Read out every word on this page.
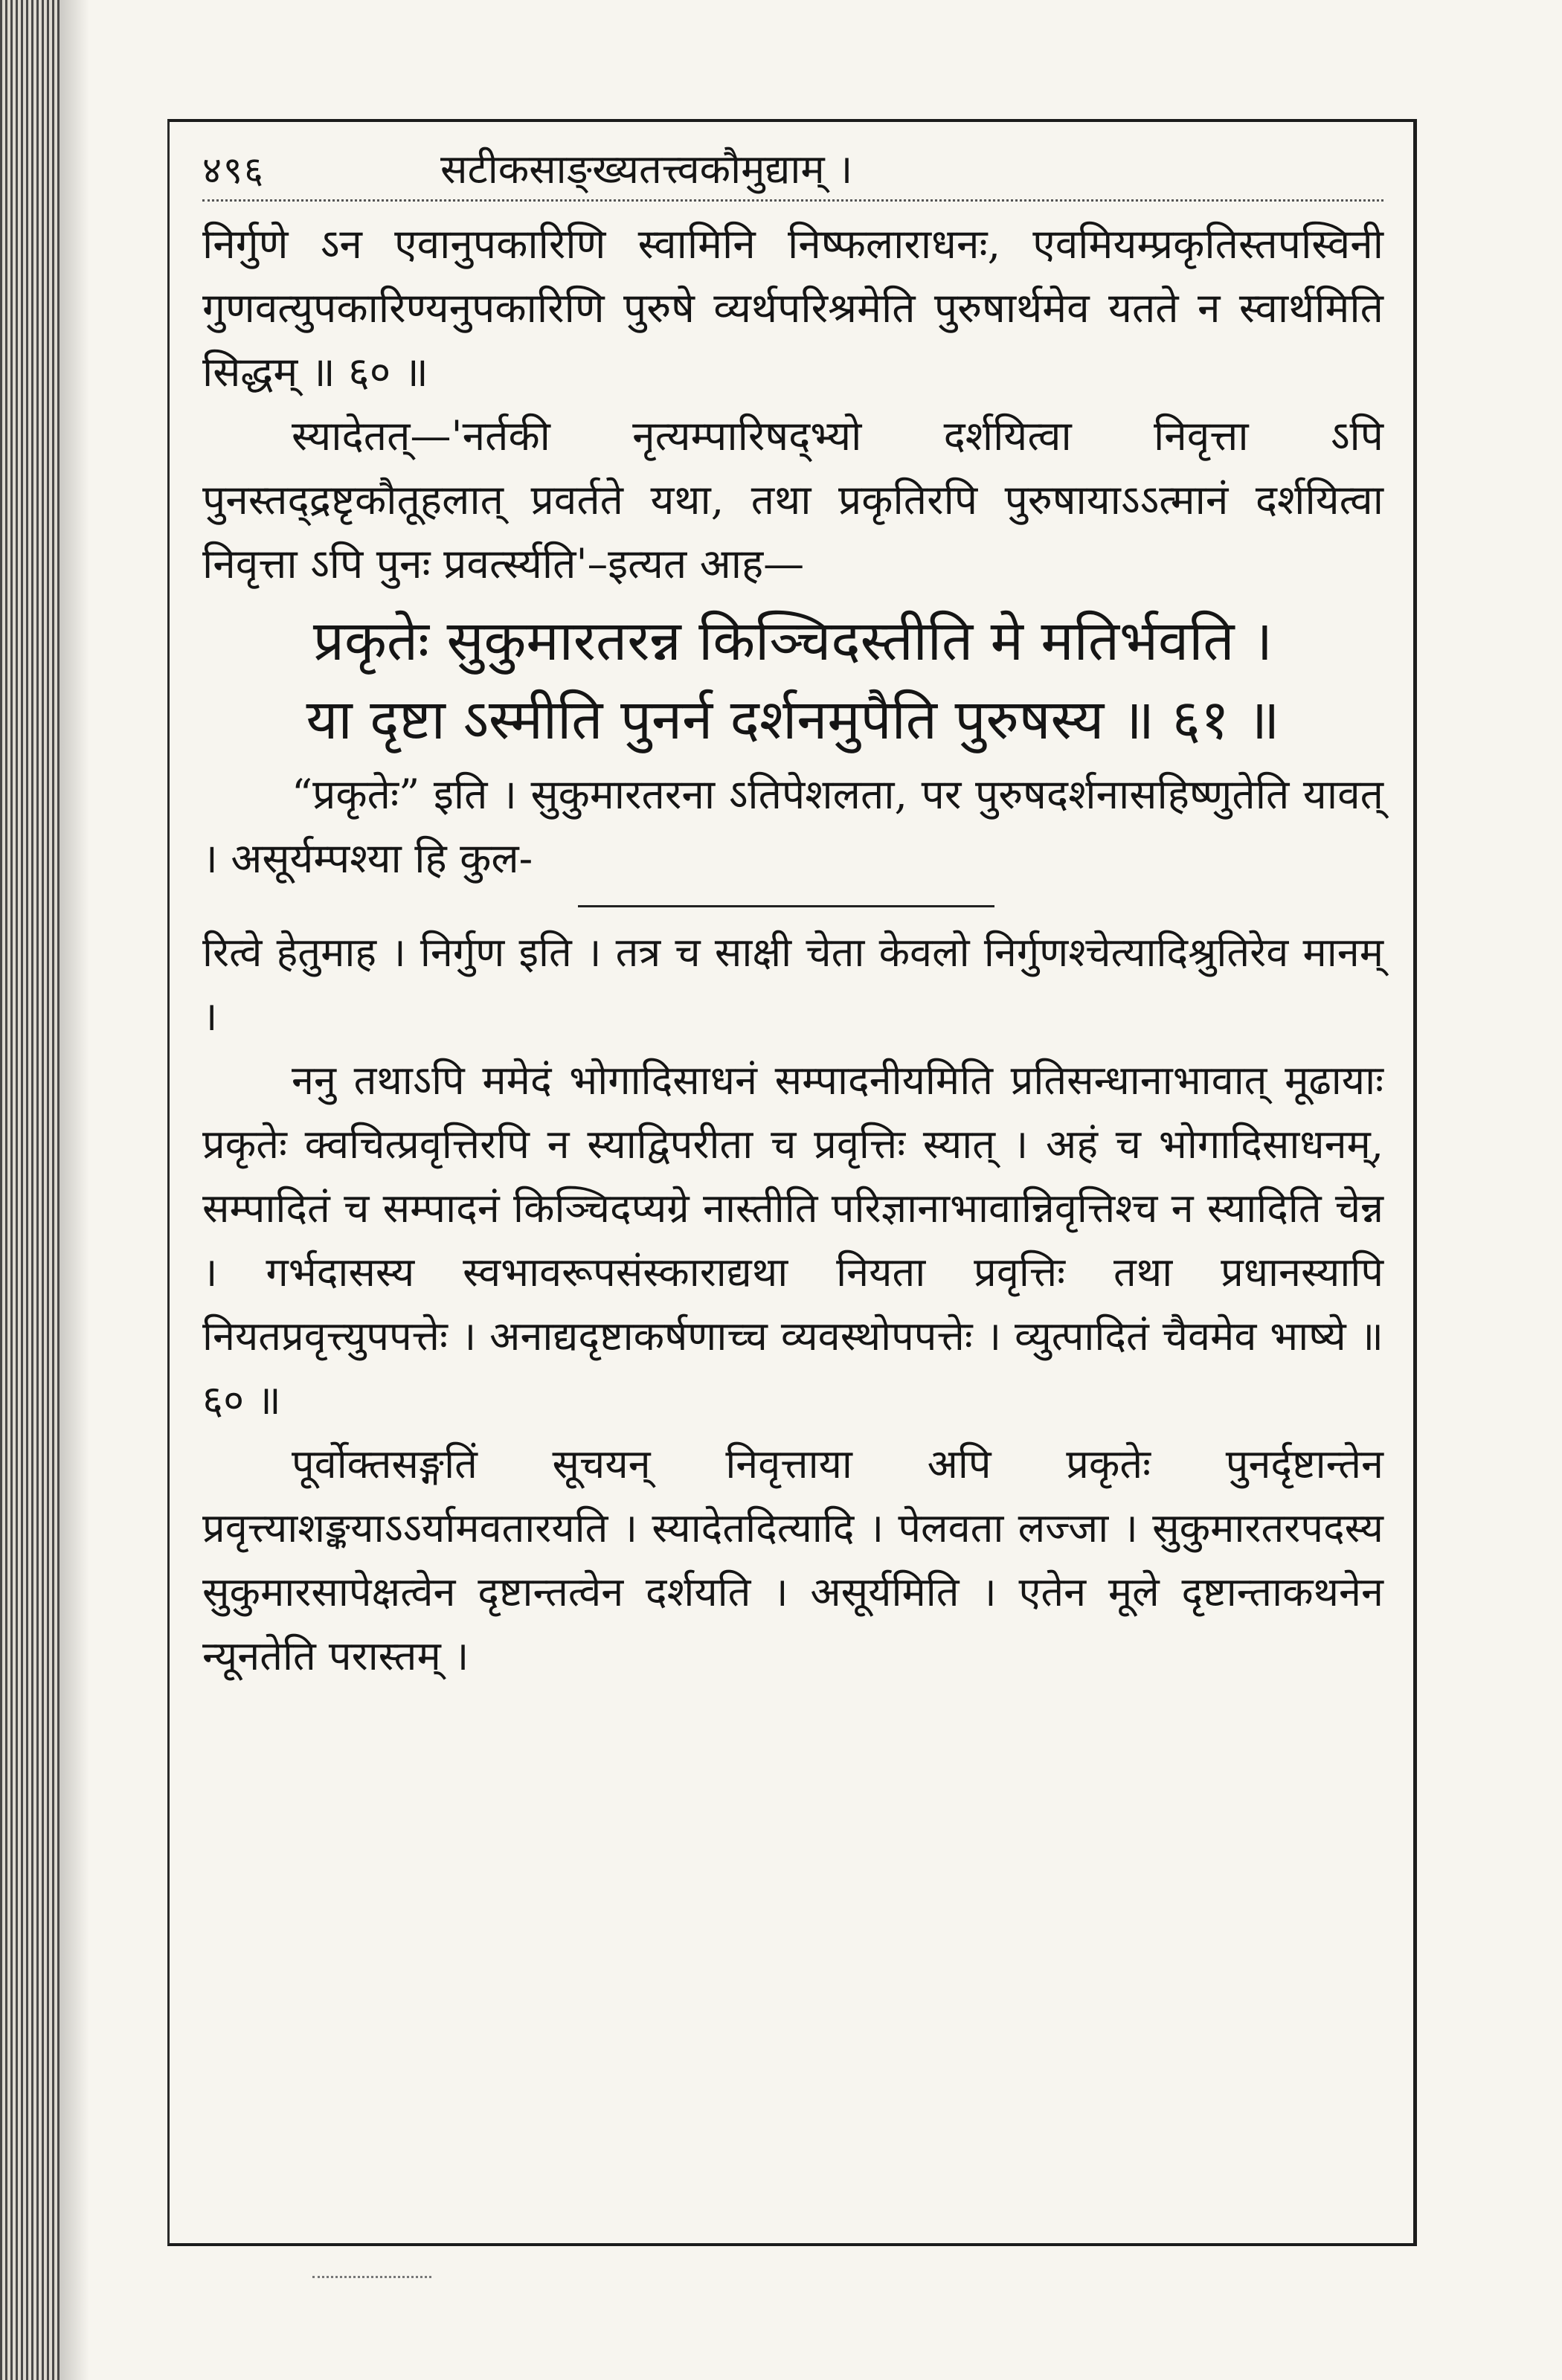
४९६	सटीकसाङ्ख्यतत्त्वकौमुद्याम् ।

निर्गुणे ऽन एवानुपकारिणि स्वामिनि निष्फलाराधनः, एवमियम्प्रकृतिस्तपस्विनी गुणवत्युपकारिण्यनुपकारिणि पुरुषे व्यर्थपरिश्रमेति पुरुषार्थमेव यतते न स्वार्थमिति सिद्धम् ॥ ६० ॥

स्यादेतत्—'नर्तकी नृत्यम्पारिषद्भ्यो दर्शयित्वा निवृत्ता ऽपि पुनस्तद्द्रष्टृकौतूहलात् प्रवर्तते यथा, तथा प्रकृतिरपि पुरुषायाऽऽत्मानं दर्शयित्वा निवृत्ता ऽपि पुनः प्रवर्त्स्यति'–इत्यत आह—

प्रकृतेः सुकुमारतरन्न किञ्चिदस्तीति मे मतिर्भवति ।
या दृष्टा ऽस्मीति पुनर्न दर्शनमुपैति पुरुषस्य ॥ ६१ ॥

“प्रकृतेः” इति । सुकुमारतरना ऽतिपेशलता, पर पुरुषदर्शनासहिष्णुतेति यावत् । असूर्यम्पश्या हि कुल-

रित्वे हेतुमाह । निर्गुण इति । तत्र च साक्षी चेता केवलो निर्गुणश्चेत्यादिश्रुतिरेव मानम् ।

ननु तथाऽपि ममेदं भोगादिसाधनं सम्पादनीयमिति प्रतिसन्धानाभावात् मूढायाः प्रकृतेः क्वचित्प्रवृत्तिरपि न स्याद्विपरीता च प्रवृत्तिः स्यात् । अहं च भोगादिसाधनम्, सम्पादितं च सम्पादनं किञ्चिदप्यग्रे नास्तीति परिज्ञानाभावान्निवृत्तिश्च न स्यादिति चेन्न । गर्भदासस्य स्वभावरूपसंस्काराद्यथा नियता प्रवृत्तिः तथा प्रधानस्यापि नियतप्रवृत्त्युपपत्तेः । अनाद्यदृष्टाकर्षणाच्च व्यवस्थोपपत्तेः । व्युत्पादितं चैवमेव भाष्ये ॥ ६० ॥

पूर्वोक्तसङ्गतिं सूचयन् निवृत्ताया अपि प्रकृतेः पुनर्दृष्टान्तेन प्रवृत्त्याशङ्कयाऽऽर्यामवतारयति । स्यादेतदित्यादि । पेलवता लज्जा । सुकुमारतरपदस्य सुकुमारसापेक्षत्वेन दृष्टान्तत्वेन दर्शयति । असूर्यमिति । एतेन मूले दृष्टान्ताकथनेन न्यूनतेति परास्तम् ।
